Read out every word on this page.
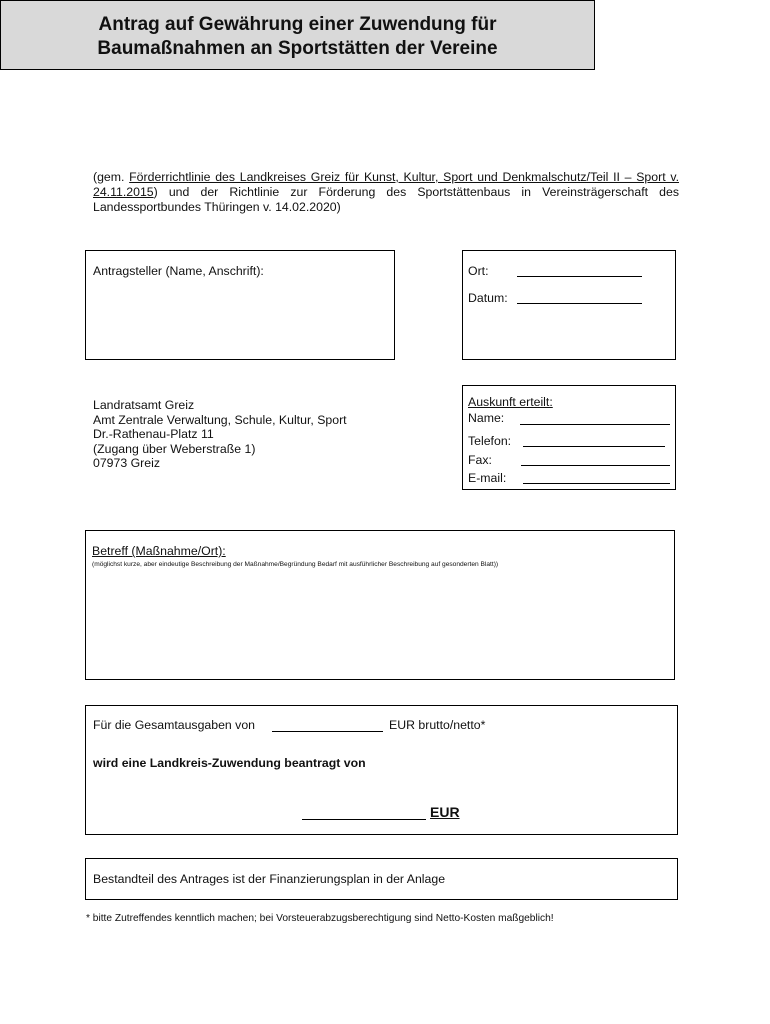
Antrag auf Gewährung einer Zuwendung für
Baumaßnahmen an Sportstätten der Vereine
(gem. Förderrichtlinie des Landkreises Greiz für Kunst, Kultur, Sport und Denkmalschutz/Teil II – Sport v. 24.11.2015) und der Richtlinie zur Förderung des Sportstättenbaus in Vereinsträgerschaft des Landessportbundes Thüringen v. 14.02.2020)
Antragsteller (Name, Anschrift):	Ort:
Datum:
Landratsamt Greiz
Amt Zentrale Verwaltung, Schule, Kultur, Sport
Dr.-Rathenau-Platz 11
(Zugang über Weberstraße 1)
07973 Greiz
Auskunft erteilt:
Name:
Telefon:
Fax:
E-mail:
Betreff (Maßnahme/Ort):
(möglichst kurze, aber eindeutige Beschreibung der Maßnahme/Begründung Bedarf mit ausführlicher Beschreibung auf gesonderten Blatt))
Für die Gesamtausgaben von	EUR brutto/netto*
wird eine Landkreis-Zuwendung beantragt von
EUR
Bestandteil des Antrages ist der Finanzierungsplan in der Anlage
* bitte Zutreffendes kenntlich machen; bei Vorsteuerabzugsberechtigung sind Netto-Kosten maßgeblich!
